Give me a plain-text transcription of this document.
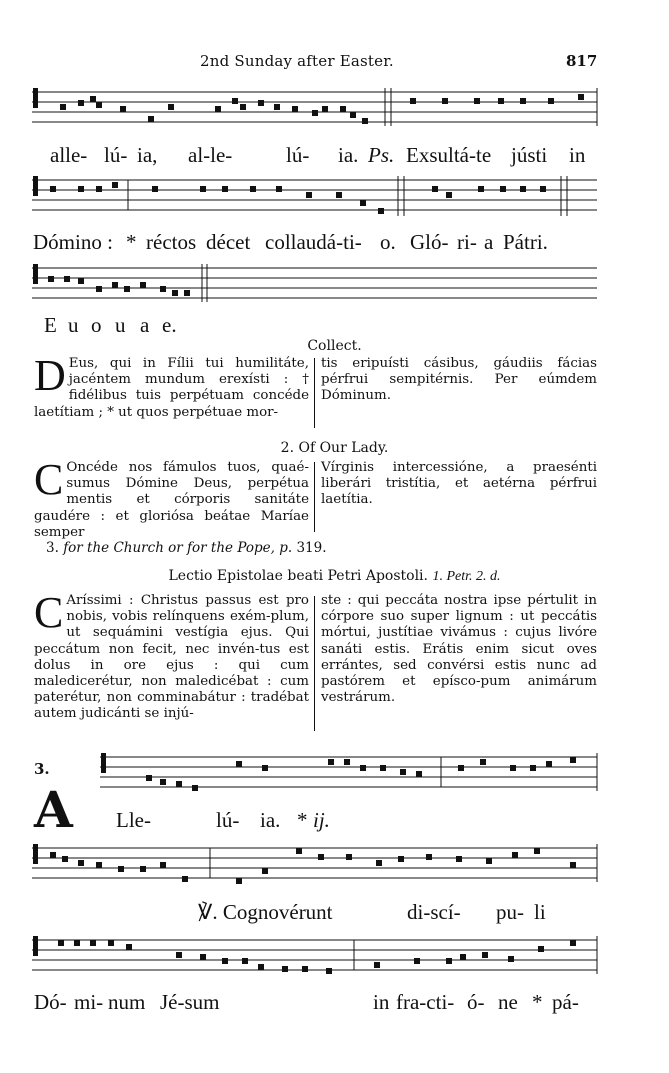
2nd Sunday after Easter.	817
alle- lú- ia, al-le-	lú- ia. Ps. Exsultá-te jústi in
Dómino : * réctos décet collaudá-ti- o. Gló- ri- a Pátri.
E u o u a e.
Collect.

D Eus, qui in Fílii tui humilitáte, jacéntem mundum erexísti : † fidélibus tuis perpétuam concéde laetítiam ; * ut quos perpétuae mor-

tis eripuísti cásibus, gáudiis fácias pérfrui sempitérnis. Per eúmdem Dóminum.

2. Of Our Lady.

C Oncéde nos fámulos tuos, quaé-sumus Dómine Deus, perpétua mentis et córporis sanitáte gaudére : et gloriósa beátae Maríae semper

Vírginis intercessióne, a praesénti liberári tristítia, et aetérna pérfrui laetítia.

3. for the Church or for the Pope, p. 319.
Lectio Epistolae beati Petri Apostoli. 1. Petr. 2. d.

C Aríssimi : Christus passus est pro nobis, vobis relínquens exém-plum, ut sequámini vestígia ejus. Qui peccátum non fecit, nec invén-tus est dolus in ore ejus : qui cum maledicerétur, non maledicébat : cum paterétur, non comminabátur : tradébat autem judicánti se injú-

ste : qui peccáta nostra ipse pértulit in córpore suo super lignum : ut peccátis mórtui, justítiae vivámus : cujus livóre sanáti estis. Erátis enim sicut oves errántes, sed convérsi estis nunc ad pastórem et epísco-pum animárum vestrárum.

3.
A Lle-	lú- ia. * ij.
℣. Cognovérunt	di-scí- pu- li
Dó- mi- num Jé-sum	in fra-cti- ó- ne * pá-
